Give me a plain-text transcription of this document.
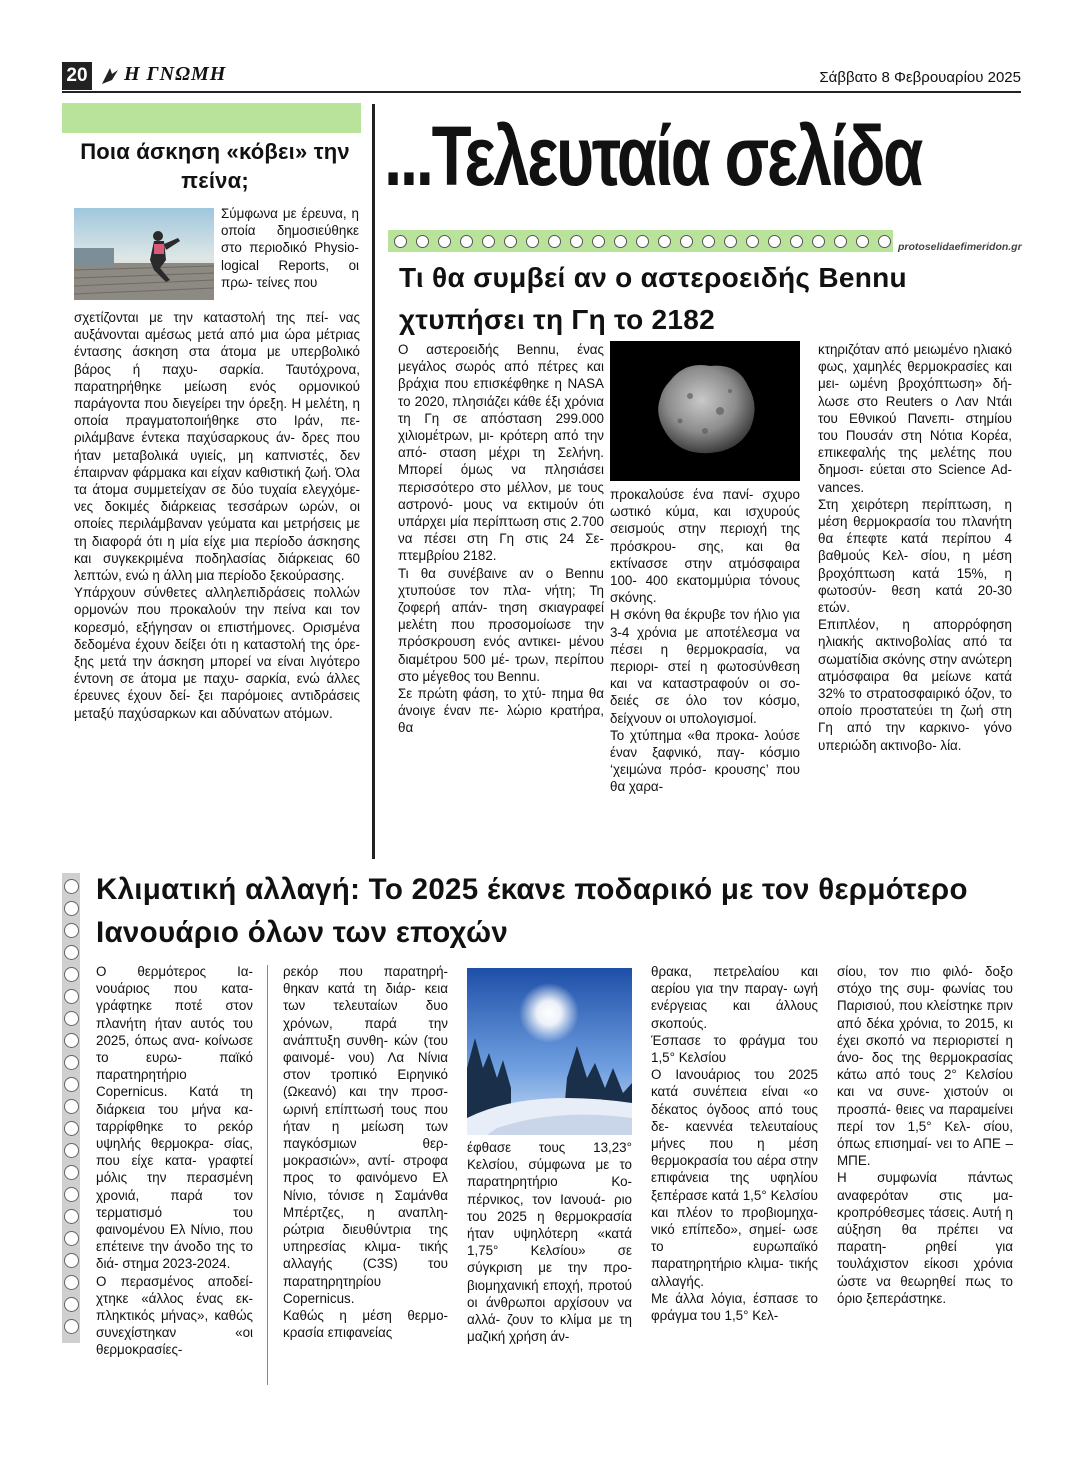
20 Η ΓΝΩΜΗ	Σάββατο 8 Φεβρουαρίου 2025
Ποια άσκηση «κόβει» την πείνα;

Σύμφωνα με έρευνα, η οποία δημοσιεύθηκε στο περιοδικό Physio- logical Reports, οι πρω- τείνες που

σχετίζονται με την καταστολή της πεί- νας αυξάνονται αμέσως μετά από μια ώρα μέτριας έντασης άσκηση στα άτομα με υπερβολικό βάρος ή παχυ- σαρκία. Ταυτόχρονα, παρατηρήθηκε μείωση ενός ορμονικού παράγοντα που διεγείρει την όρεξη. Η μελέτη, η οποία πραγματοποιήθηκε στο Ιράν, πε- ριλάμβανε έντεκα παχύσαρκους άν- δρες που ήταν μεταβολικά υγιείς, μη καπνιστές, δεν έπαιρναν φάρμακα και είχαν καθιστική ζωή. Όλα τα άτομα συμμετείχαν σε δύο τυχαία ελεγχόμε- νες δοκιμές διάρκειας τεσσάρων ωρών, οι οποίες περιλάμβαναν γεύματα και μετρήσεις με τη διαφορά ότι η μία είχε μια περίοδο άσκησης και συγκεκριμένα ποδηλασίας διάρκειας 60 λεπτών, ενώ η άλλη μια περίοδο ξεκούρασης.

Υπάρχουν σύνθετες αλληλεπιδράσεις πολλών ορμονών που προκαλούν την πείνα και τον κορεσμό, εξήγησαν οι επιστήμονες. Ορισμένα δεδομένα έχουν δείξει ότι η καταστολή της όρε- ξης μετά την άσκηση μπορεί να είναι λιγότερο έντονη σε άτομα με παχυ- σαρκία, ενώ άλλες έρευνες έχουν δεί- ξει παρόμοιες αντιδράσεις μεταξύ παχύσαρκων και αδύνατων ατόμων.

...Τελευταία σελίδα
protoselidaefimeridon.gr
Τι θα συμβεί αν ο αστεροειδής Bennu χτυπήσει τη Γη το 2182

Ο αστεροειδής Bennu, ένας μεγάλος σωρός από πέτρες και βράχια που επισκέφθηκε η NASA το 2020, πλησιάζει κάθε έξι χρόνια τη Γη σε απόσταση 299.000 χιλιομέτρων, μι- κρότερη από την από- σταση μέχρι τη Σελήνη. Μπορεί όμως να πλησιάσει περισσότερο στο μέλλον, με τους αστρονό- μους να εκτιμούν ότι υπάρχει μία περίπτωση στις 2.700 να πέσει στη Γη στις 24 Σε- πτεμβρίου 2182.

Τι θα συνέβαινε αν ο Bennu χτυπούσε τον πλα- νήτη; Τη ζοφερή απάν- τηση σκιαγραφεί μελέτη που προσομοίωσε την πρόσκρουση ενός αντικει- μένου διαμέτρου 500 μέ- τρων, περίπου στο μέγεθος του Bennu.

Σε πρώτη φάση, το χτύ- πημα θα άνοιγε έναν πε- λώριο κρατήρα, θα

προκαλούσε ένα πανί- σχυρο ωστικό κύμα, και ισχυρούς σεισμούς στην περιοχή της πρόσκρου- σης, και θα εκτίνασσε στην ατμόσφαιρα 100- 400 εκατομμύρια τόνους σκόνης.

Η σκόνη θα έκρυβε τον ήλιο για 3-4 χρόνια με αποτέλεσμα να πέσει η θερμοκρασία, να περιορι- στεί η φωτοσύνθεση και να καταστραφούν οι σο- δειές σε όλο τον κόσμο, δείχνουν οι υπολογισμοί.

Το χτύπημα «θα προκα- λούσε έναν ξαφνικό, παγ- κόσμιο ‘χειμώνα πρόσ- κρουσης’ που θα χαρα-

κτηριζόταν από μειωμένο ηλιακό φως, χαμηλές θερμοκρασίες και μει- ωμένη βροχόπτωση» δή- λωσε στο Reuters ο Λαν Ντάι του Εθνικού Πανεπι- στημίου του Πουσάν στη Νότια Κορέα, επικεφαλής της μελέτης που δημοσι- εύεται στο Science Ad- vances.

Στη χειρότερη περίπτωση, η μέση θερμοκρασία του πλανήτη θα έπεφτε κατά περίπου 4 βαθμούς Κελ- σίου, η μέση βροχόπτωση κατά 15%, η φωτοσύν- θεση κατά 20-30 ετών.

Επιπλέον, η απορρόφηση ηλιακής ακτινοβολίας από τα σωματίδια σκόνης στην ανώτερη ατμόσφαιρα θα μείωνε κατά 32% το στρατοσφαιρικό όζον, το οποίο προστατεύει τη ζωή στη Γη από την καρκινο- γόνο υπεριώδη ακτινοβο- λία.

Κλιματική αλλαγή: Το 2025 έκανε ποδαρικό με τον θερμότερο Ιανουάριο όλων των εποχών

Ο θερμότερος Ια- νουάριος που κατα- γράφτηκε ποτέ στον πλανήτη ήταν αυτός του 2025, όπως ανα- κοίνωσε το ευρω- παϊκό παρατηρητήριο Copernicus. Κατά τη διάρκεια του μήνα κα- ταρρίφθηκε το ρεκόρ υψηλής θερμοκρα- σίας, που είχε κατα- γραφτεί μόλις την περασμένη χρονιά, παρά τον τερματισμό του φαινομένου Ελ Νίνιο, που επέτεινε την άνοδο της το διά- στημα 2023-2024.

Ο περασμένος αποδεί- χτηκε «άλλος ένας εκ- πληκτικός μήνας», καθώς συνεχίστηκαν «οι θερμοκρασίες-

ρεκόρ που παρατηρή- θηκαν κατά τη διάρ- κεια των τελευταίων δυο χρόνων, παρά την ανάπτυξη συνθη- κών (του φαινομέ- νου) Λα Νίνια στον τροπικό Ειρηνικό (Ωκεανό) και την προσ- ωρινή επίπτωσή τους που ήταν η μείωση των παγκόσμιων θερ- μοκρασιών», αντί- στροφα προς το φαινόμενο Ελ Νίνιο, τόνισε η Σαμάνθα Μπέρτζες, η αναπλη- ρώτρια διευθύντρια της υπηρεσίας κλιμα- τικής αλλαγής (C3S) του παρατηρητηρίου Copernicus.

Καθώς η μέση θερμο- κρασία επιφανείας

έφθασε τους 13,23° Κελσίου, σύμφωνα με το παρατηρητήριο Κο- πέρνικος, τον Ιανουά- ριο του 2025 η θερμοκρασία ήταν υψηλότερη «κατά 1,75° Κελσίου» σε σύγκριση με την προ- βιομηχανική εποχή, προτού οι άνθρωποι αρχίσουν να αλλά- ζουν το κλίμα με τη μαζική χρήση άν-

θρακα, πετρελαίου και αερίου για την παραγ- ωγή ενέργειας και άλλους σκοπούς.

Έσπασε το φράγμα του 1,5° Κελσίου

Ο Ιανουάριος του 2025 κατά συνέπεια είναι «ο δέκατος όγδοος από τους δε- καεννέα τελευταίους μήνες που η μέση θερμοκρασία του αέρα στην επιφάνεια της υφηλίου ξεπέρασε κατά 1,5° Κελσίου και πλέον το προβιομηχα- νικό επίπεδο», σημεί- ωσε το ευρωπαϊκό παρατηρητήριο κλιμα- τικής αλλαγής.

Με άλλα λόγια, έσπασε το φράγμα του 1,5° Κελ-

σίου, τον πιο φιλό- δοξο στόχο της συμ- φωνίας του Παρισιού, που κλείστηκε πριν από δέκα χρόνια, το 2015, κι έχει σκοπό να περιοριστεί η άνο- δος της θερμοκρασίας κάτω από τους 2° Κελσίου και να συνε- χιστούν οι προσπά- θειες να παραμείνει περί τον 1,5° Κελ- σίου, όπως επισημαί- νει το ΑΠΕ – ΜΠΕ.

Η συμφωνία πάντως αναφερόταν στις μα- κροπρόθεσμες τάσεις. Αυτή η αύξηση θα πρέπει να παρατη- ρηθεί για τουλάχιστον είκοσι χρόνια ώστε να θεωρηθεί πως το όριο ξεπεράστηκε.
